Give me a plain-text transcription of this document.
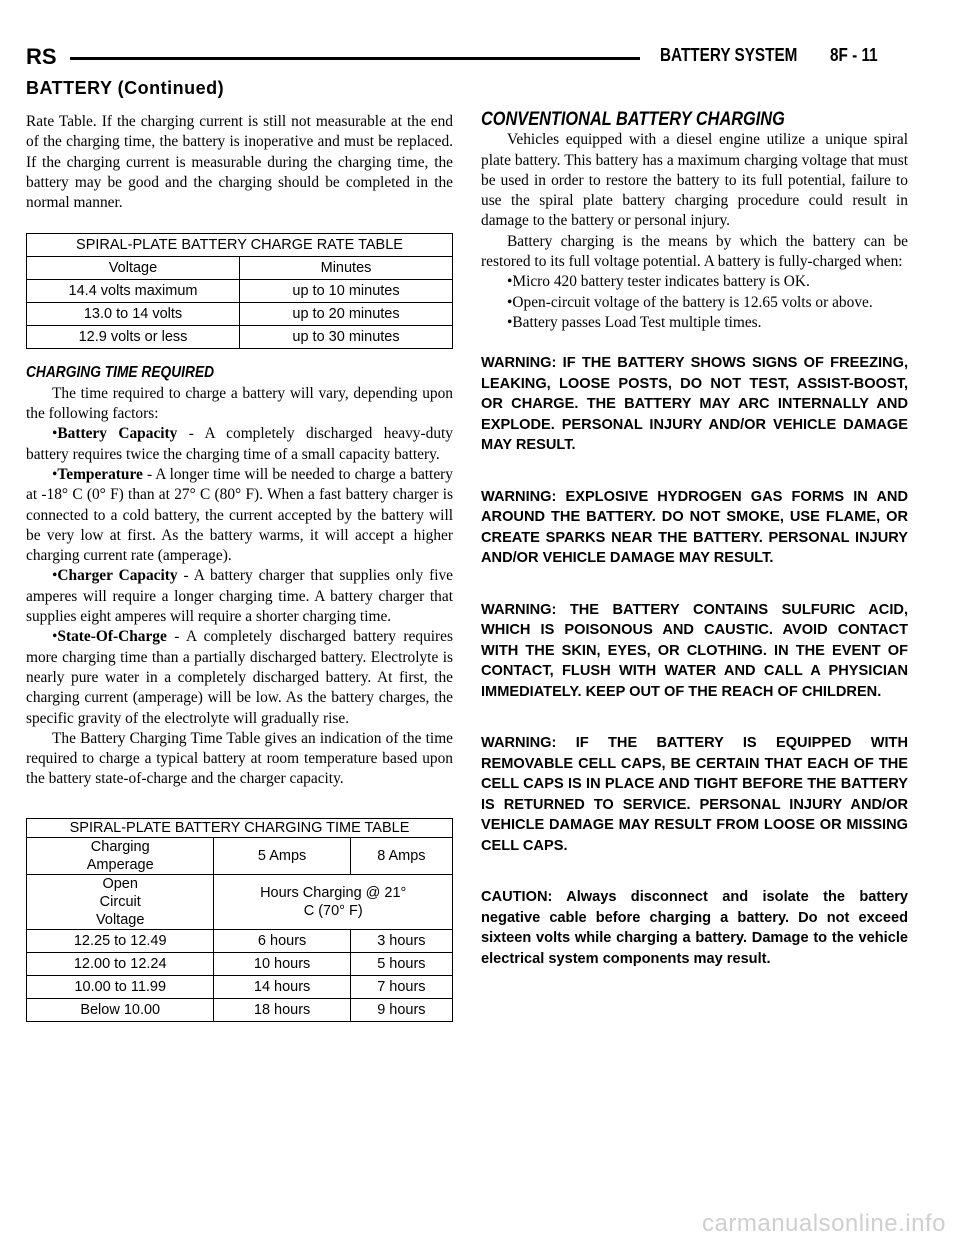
RS	BATTERY SYSTEM 8F - 11
BATTERY (Continued)

Rate Table. If the charging current is still not measurable at the end of the charging time, the battery is inoperative and must be replaced. If the charging current is measurable during the charging time, the battery may be good and the charging should be completed in the normal manner.

SPIRAL-PLATE BATTERY CHARGE RATE TABLE	
Voltage	Minutes
14.4 volts maximum	up to 10 minutes
13.0 to 14 volts	up to 20 minutes
12.9 volts or less	up to 30 minutes
CHARGING TIME REQUIRED

The time required to charge a battery will vary, depending upon the following factors:

•Battery Capacity - A completely discharged heavy-duty battery requires twice the charging time of a small capacity battery.

•Temperature - A longer time will be needed to charge a battery at -18° C (0° F) than at 27° C (80° F). When a fast battery charger is connected to a cold battery, the current accepted by the battery will be very low at first. As the battery warms, it will accept a higher charging current rate (amperage).

•Charger Capacity - A battery charger that supplies only five amperes will require a longer charging time. A battery charger that supplies eight amperes will require a shorter charging time.

•State-Of-Charge - A completely discharged battery requires more charging time than a partially discharged battery. Electrolyte is nearly pure water in a completely discharged battery. At first, the charging current (amperage) will be low. As the battery charges, the specific gravity of the electrolyte will gradually rise.

The Battery Charging Time Table gives an indication of the time required to charge a typical battery at room temperature based upon the battery state-of-charge and the charger capacity.

SPIRAL-PLATE BATTERY CHARGING TIME TABLE		
Charging Amperage	5 Amps	8 Amps
Open Circuit Voltage	Hours Charging @ 21° C (70° F)	
12.25 to 12.49	6 hours	3 hours
12.00 to 12.24	10 hours	5 hours
10.00 to 11.99	14 hours	7 hours
Below 10.00	18 hours	9 hours
CONVENTIONAL BATTERY CHARGING

Vehicles equipped with a diesel engine utilize a unique spiral plate battery. This battery has a maximum charging voltage that must be used in order to restore the battery to its full potential, failure to use the spiral plate battery charging procedure could result in damage to the battery or personal injury.

Battery charging is the means by which the battery can be restored to its full voltage potential. A battery is fully-charged when:

•Micro 420 battery tester indicates battery is OK.

•Open-circuit voltage of the battery is 12.65 volts or above.

•Battery passes Load Test multiple times.

WARNING: IF THE BATTERY SHOWS SIGNS OF FREEZING, LEAKING, LOOSE POSTS, DO NOT TEST, ASSIST-BOOST, OR CHARGE. THE BATTERY MAY ARC INTERNALLY AND EXPLODE. PERSONAL INJURY AND/OR VEHICLE DAMAGE MAY RESULT.

WARNING: EXPLOSIVE HYDROGEN GAS FORMS IN AND AROUND THE BATTERY. DO NOT SMOKE, USE FLAME, OR CREATE SPARKS NEAR THE BATTERY. PERSONAL INJURY AND/OR VEHICLE DAMAGE MAY RESULT.

WARNING: THE BATTERY CONTAINS SULFURIC ACID, WHICH IS POISONOUS AND CAUSTIC. AVOID CONTACT WITH THE SKIN, EYES, OR CLOTHING. IN THE EVENT OF CONTACT, FLUSH WITH WATER AND CALL A PHYSICIAN IMMEDIATELY. KEEP OUT OF THE REACH OF CHILDREN.

WARNING: IF THE BATTERY IS EQUIPPED WITH REMOVABLE CELL CAPS, BE CERTAIN THAT EACH OF THE CELL CAPS IS IN PLACE AND TIGHT BEFORE THE BATTERY IS RETURNED TO SERVICE. PERSONAL INJURY AND/OR VEHICLE DAMAGE MAY RESULT FROM LOOSE OR MISSING CELL CAPS.

CAUTION: Always disconnect and isolate the battery negative cable before charging a battery. Do not exceed sixteen volts while charging a battery. Damage to the vehicle electrical system components may result.

carmanualsonline.info
